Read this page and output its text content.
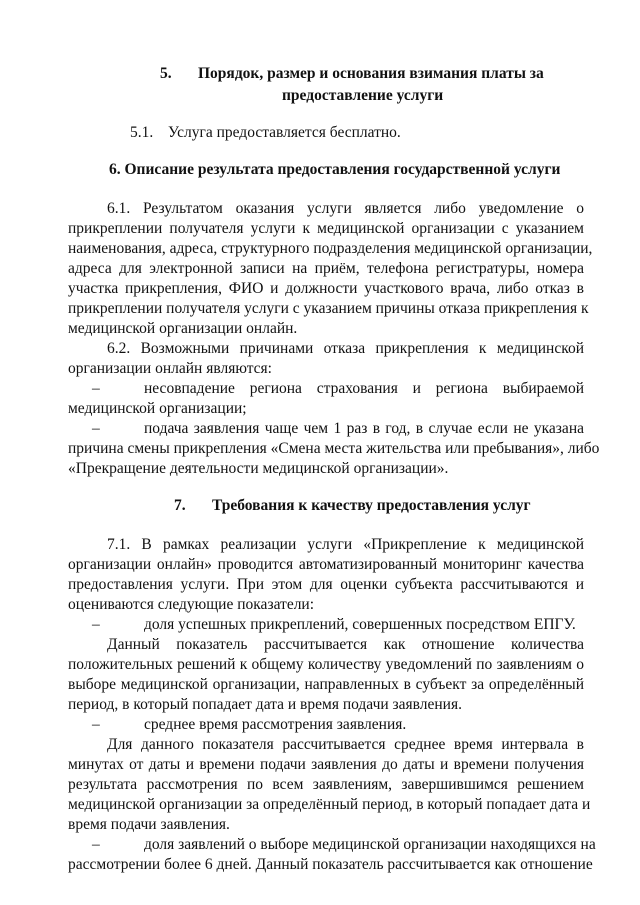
5. Порядок, размер и основания взимания платы за
предоставление услуги
5.1. Услуга предоставляется бесплатно.
6. Описание результата предоставления государственной услуги
6.1. Результатом оказания услуги является либо уведомление о
прикреплении получателя услуги к медицинской организации с указанием
наименования, адреса, структурного подразделения медицинской организации,
адреса для электронной записи на приём, телефона регистратуры, номера
участка прикрепления, ФИО и должности участкового врача, либо отказ в
прикреплении получателя услуги с указанием причины отказа прикрепления к
медицинской организации онлайн.
6.2. Возможными причинами отказа прикрепления к медицинской
организации онлайн являются:
–	несовпадение региона страхования и региона выбираемой
медицинской организации;
–	подача заявления чаще чем 1 раз в год, в случае если не указана
причина смены прикрепления «Смена места жительства или пребывания», либо
«Прекращение деятельности медицинской организации».
7. Требования к качеству предоставления услуг
7.1. В рамках реализации услуги «Прикрепление к медицинской
организации онлайн» проводится автоматизированный мониторинг качества
предоставления услуги. При этом для оценки субъекта рассчитываются и
оцениваются следующие показатели:
–	доля успешных прикреплений, совершенных посредством ЕПГУ.
Данный показатель рассчитывается как отношение количества
положительных решений к общему количеству уведомлений по заявлениям о
выборе медицинской организации, направленных в субъект за определённый
период, в который попадает дата и время подачи заявления.
–	среднее время рассмотрения заявления.
Для данного показателя рассчитывается среднее время интервала в
минутах от даты и времени подачи заявления до даты и времени получения
результата рассмотрения по всем заявлениям, завершившимся решением
медицинской организации за определённый период, в который попадает дата и
время подачи заявления.
–	доля заявлений о выборе медицинской организации находящихся на
рассмотрении более 6 дней. Данный показатель рассчитывается как отношение
